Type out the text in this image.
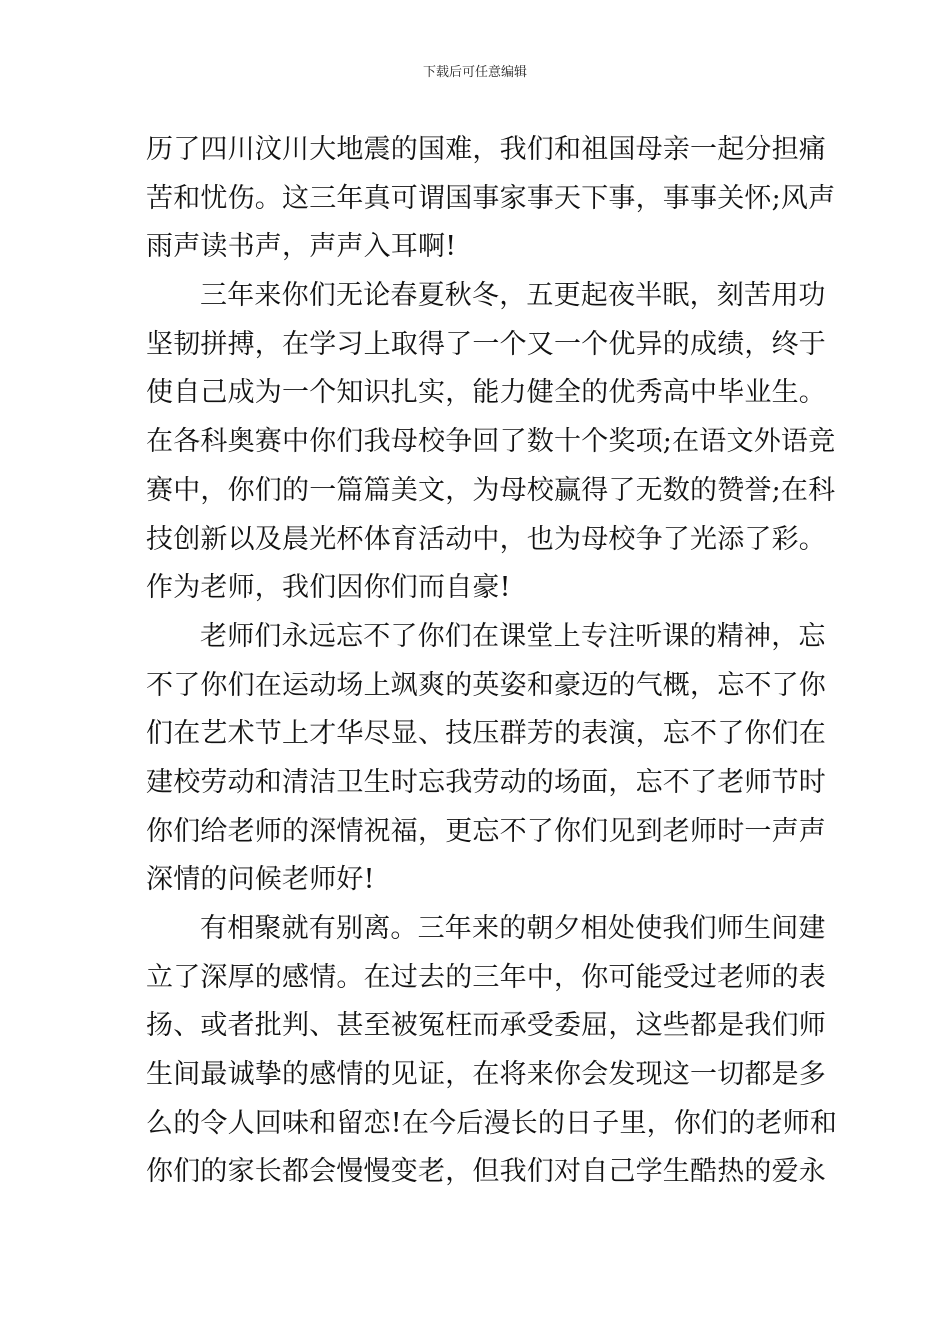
下载后可任意编辑
历了四川汶川大地震的国难，我们和祖国母亲一起分担痛
苦和忧伤。这三年真可谓国事家事天下事，事事关怀;风声
雨声读书声，声声入耳啊!
三年来你们无论春夏秋冬，五更起夜半眠，刻苦用功
坚韧拼搏，在学习上取得了一个又一个优异的成绩，终于
使自己成为一个知识扎实，能力健全的优秀高中毕业生。
在各科奥赛中你们我母校争回了数十个奖项;在语文外语竞
赛中，你们的一篇篇美文，为母校赢得了无数的赞誉;在科
技创新以及晨光杯体育活动中，也为母校争了光添了彩。
作为老师，我们因你们而自豪!
老师们永远忘不了你们在课堂上专注听课的精神，忘
不了你们在运动场上飒爽的英姿和豪迈的气概，忘不了你
们在艺术节上才华尽显、技压群芳的表演，忘不了你们在
建校劳动和清洁卫生时忘我劳动的场面，忘不了老师节时
你们给老师的深情祝福，更忘不了你们见到老师时一声声
深情的问候老师好!
有相聚就有别离。三年来的朝夕相处使我们师生间建
立了深厚的感情。在过去的三年中，你可能受过老师的表
扬、或者批判、甚至被冤枉而承受委屈，这些都是我们师
生间最诚挚的感情的见证，在将来你会发现这一切都是多
么的令人回味和留恋!在今后漫长的日子里，你们的老师和
你们的家长都会慢慢变老，但我们对自己学生酷热的爱永
